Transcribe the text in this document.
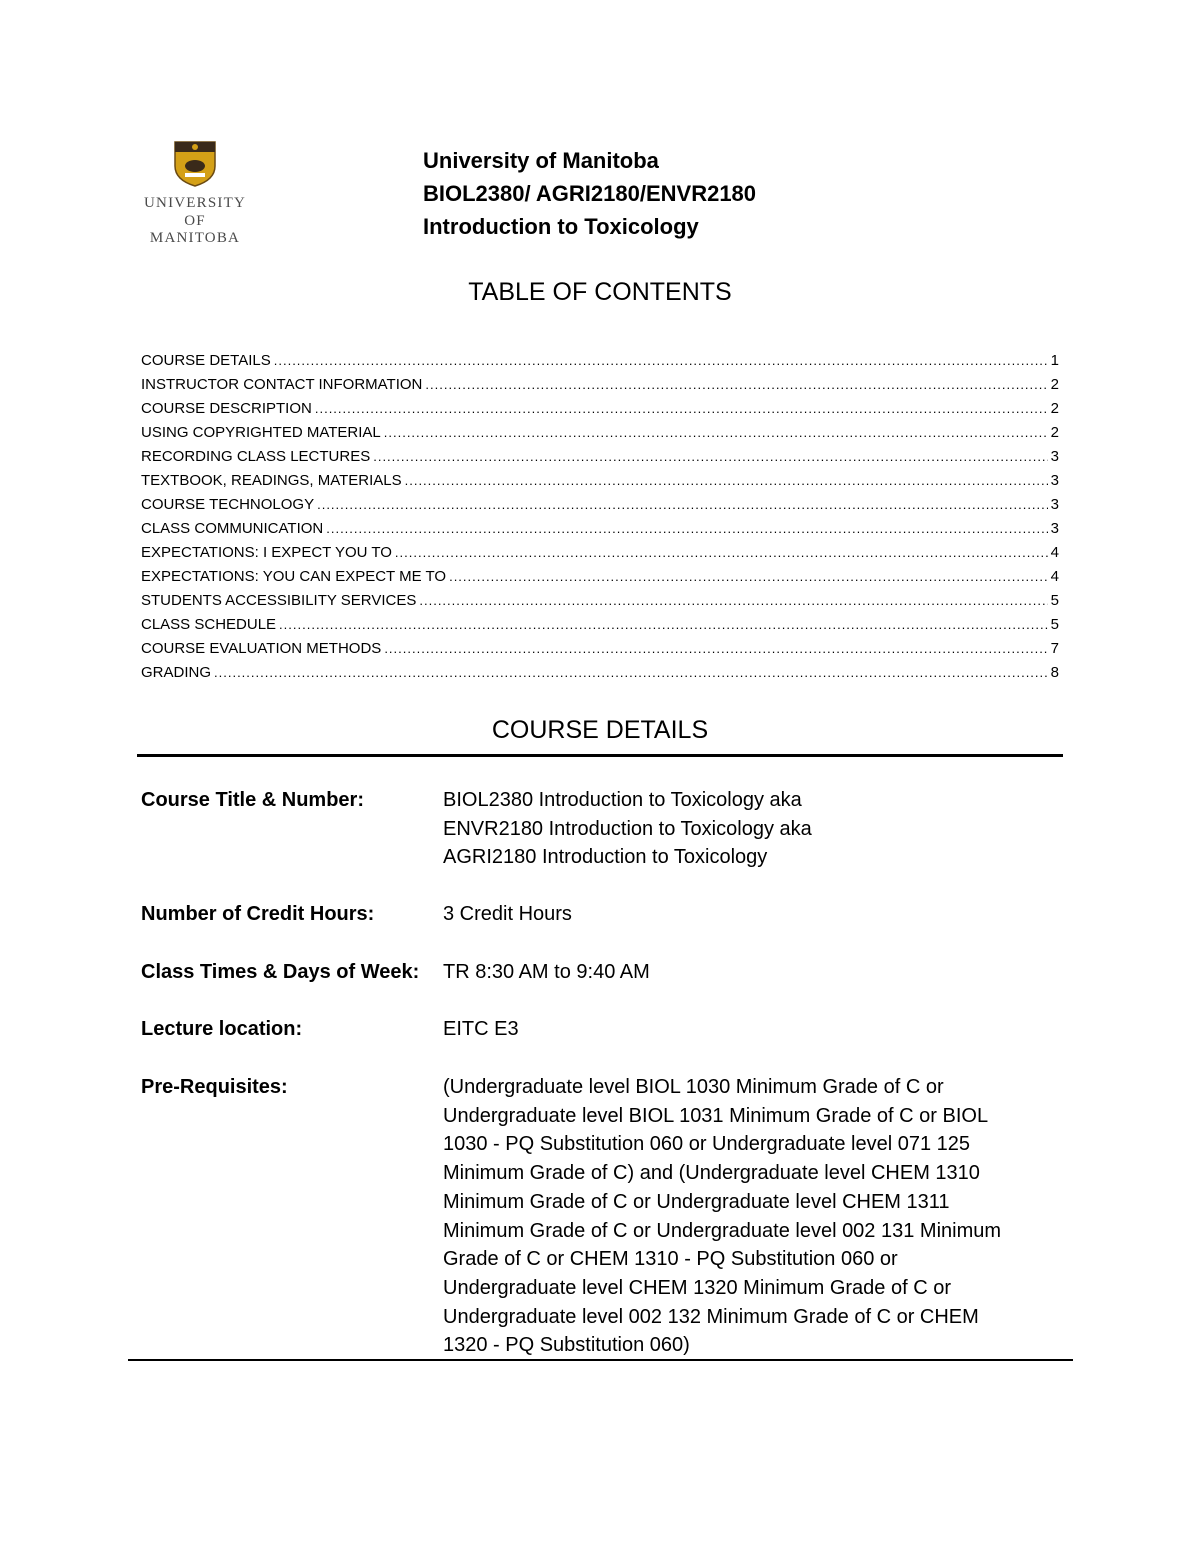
UNIVERSITY
OF MANITOBA
University of Manitoba
BIOL2380/ AGRI2180/ENVR2180
Introduction to Toxicology
TABLE OF CONTENTS
COURSE DETAILS .....	1
INSTRUCTOR CONTACT INFORMATION .....	2
COURSE DESCRIPTION .....	2
USING COPYRIGHTED MATERIAL .....	2
RECORDING CLASS LECTURES .....	3
TEXTBOOK, READINGS, MATERIALS .....	3
COURSE TECHNOLOGY .....	3
CLASS COMMUNICATION .....	3
EXPECTATIONS: I EXPECT YOU TO .....	4
EXPECTATIONS: YOU CAN EXPECT ME TO .....	4
STUDENTS ACCESSIBILITY SERVICES .....	5
CLASS SCHEDULE .....	5
COURSE EVALUATION METHODS .....	7
GRADING .....	8
COURSE DETAILS
Course Title & Number:	BIOL2380 Introduction to Toxicology aka
ENVR2180 Introduction to Toxicology aka
AGRI2180 Introduction to Toxicology
Number of Credit Hours:	3 Credit Hours
Class Times & Days of Week: TR 8:30 AM to 9:40 AM
Lecture location:	EITC E3
Pre-Requisites:	(Undergraduate level BIOL 1030 Minimum Grade of C or
Undergraduate level BIOL 1031 Minimum Grade of C or BIOL
1030 - PQ Substitution 060 or Undergraduate level 071 125
Minimum Grade of C) and (Undergraduate level CHEM 1310
Minimum Grade of C or Undergraduate level CHEM 1311
Minimum Grade of C or Undergraduate level 002 131 Minimum
Grade of C or CHEM 1310 - PQ Substitution 060 or
Undergraduate level CHEM 1320 Minimum Grade of C or
Undergraduate level 002 132 Minimum Grade of C or CHEM
1320 - PQ Substitution 060)
